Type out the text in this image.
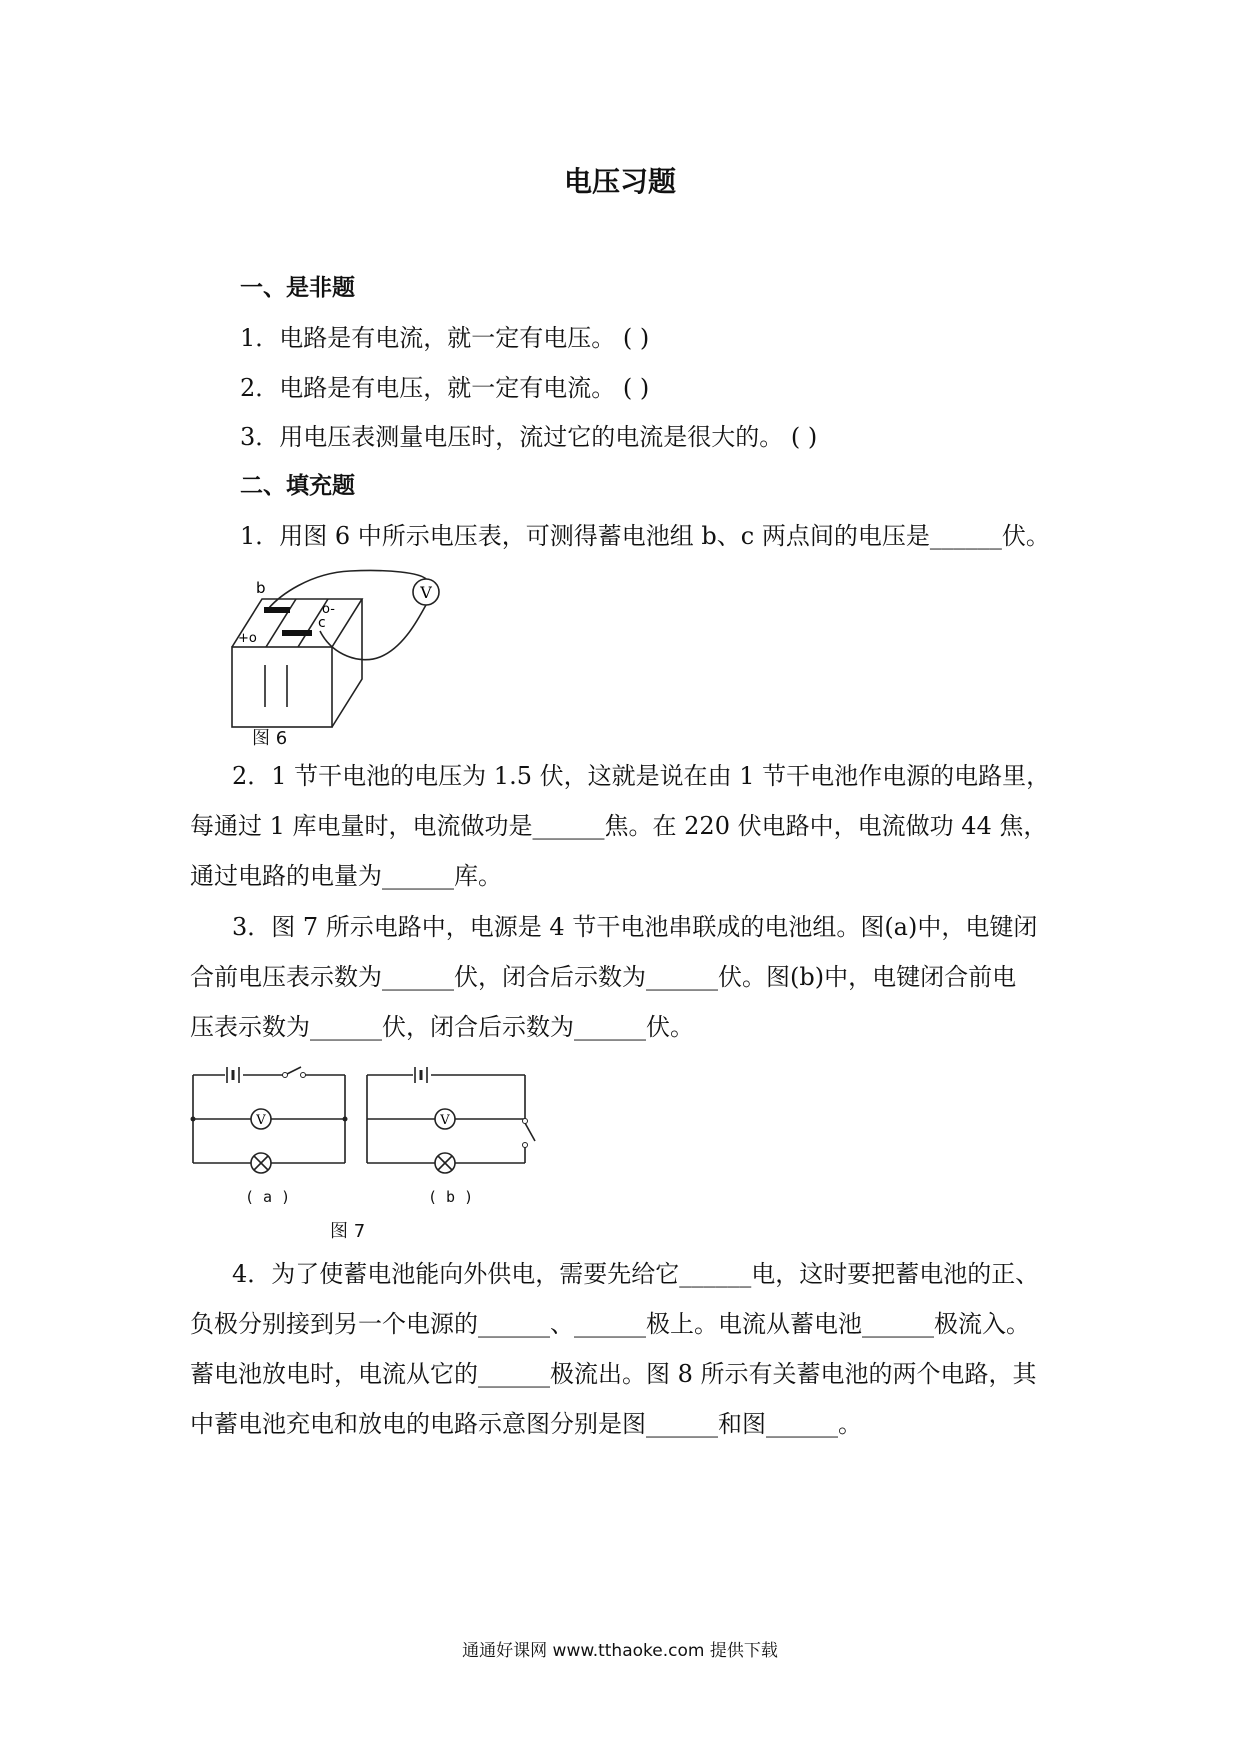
电压习题
一、是非题
1．电路是有电流，就一定有电压。 ( )
2．电路是有电压，就一定有电流。 ( )
3．用电压表测量电压时，流过它的电流是很大的。 ( )
二、填充题
1．用图 6 中所示电压表，可测得蓄电池组 b、c 两点间的电压是______伏。
V
b
c
+o
o-
图 6
2．1 节干电池的电压为 1.5 伏，这就是说在由 1 节干电池作电源的电路里，
每通过 1 库电量时，电流做功是______焦。在 220 伏电路中，电流做功 44 焦，
通过电路的电量为______库。
3．图 7 所示电路中，电源是 4 节干电池串联成的电池组。图(a)中，电键闭
合前电压表示数为______伏，闭合后示数为______伏。图(b)中，电键闭合前电
压表示数为______伏，闭合后示数为______伏。
V	V
( a )	( b )
图 7
4．为了使蓄电池能向外供电，需要先给它______电，这时要把蓄电池的正、
负极分别接到另一个电源的______、______极上。电流从蓄电池______极流入。
蓄电池放电时，电流从它的______极流出。图 8 所示有关蓄电池的两个电路，其
中蓄电池充电和放电的电路示意图分别是图______和图______。
通通好课网 www.tthaoke.com 提供下载
